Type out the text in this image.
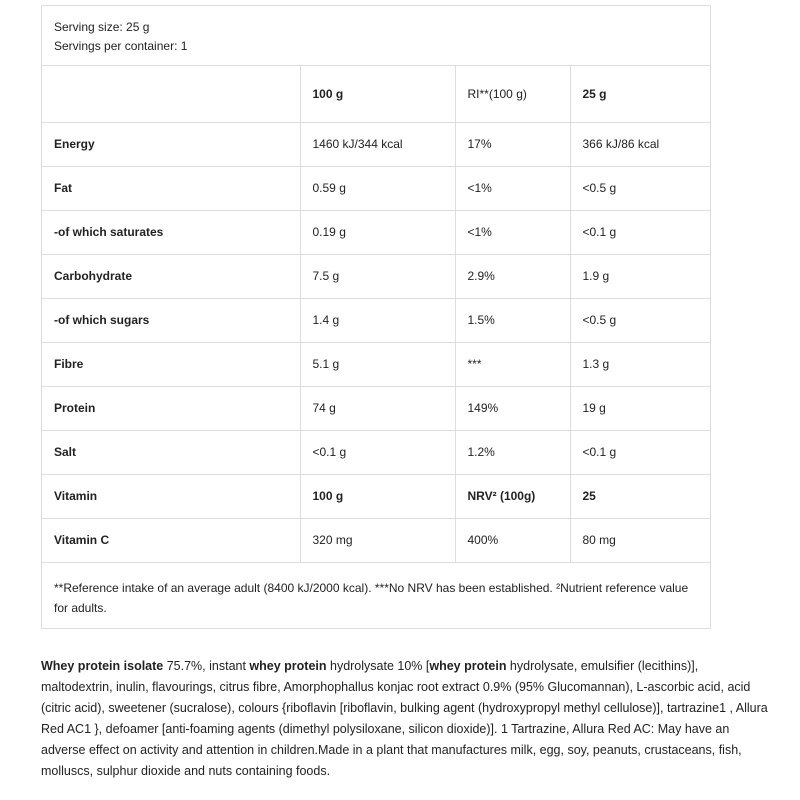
Serving size: 25 g
Servings per container: 1
	100 g	RI**(100 g)	25 g
Energy	1460 kJ/344 kcal	17%	366 kJ/86 kcal
Fat	0.59 g	<1%	<0.5 g
-of which saturates	0.19 g	<1%	<0.1 g
Carbohydrate	7.5 g	2.9%	1.9 g
-of which sugars	1.4 g	1.5%	<0.5 g
Fibre	5.1 g	***	1.3 g
Protein	74 g	149%	19 g
Salt	<0.1 g	1.2%	<0.1 g
Vitamin	100 g	NRV² (100g)	25
Vitamin C	320 mg	400%	80 mg
**Reference intake of an average adult (8400 kJ/2000 kcal). ***No NRV has been established. ²Nutrient reference value for adults.
Whey protein isolate 75.7%, instant whey protein hydrolysate 10% [whey protein hydrolysate, emulsifier (lecithins)], maltodextrin, inulin, flavourings, citrus fibre, Amorphophallus konjac root extract 0.9% (95% Glucomannan), L-ascorbic acid, acid (citric acid), sweetener (sucralose), colours {riboflavin [riboflavin, bulking agent (hydroxypropyl methyl cellulose)], tartrazine1 , Allura Red AC1 }, defoamer [anti-foaming agents (dimethyl polysiloxane, silicon dioxide)]. 1 Tartrazine, Allura Red AC: May have an adverse effect on activity and attention in children.Made in a plant that manufactures milk, egg, soy, peanuts, crustaceans, fish, molluscs, sulphur dioxide and nuts containing foods.
